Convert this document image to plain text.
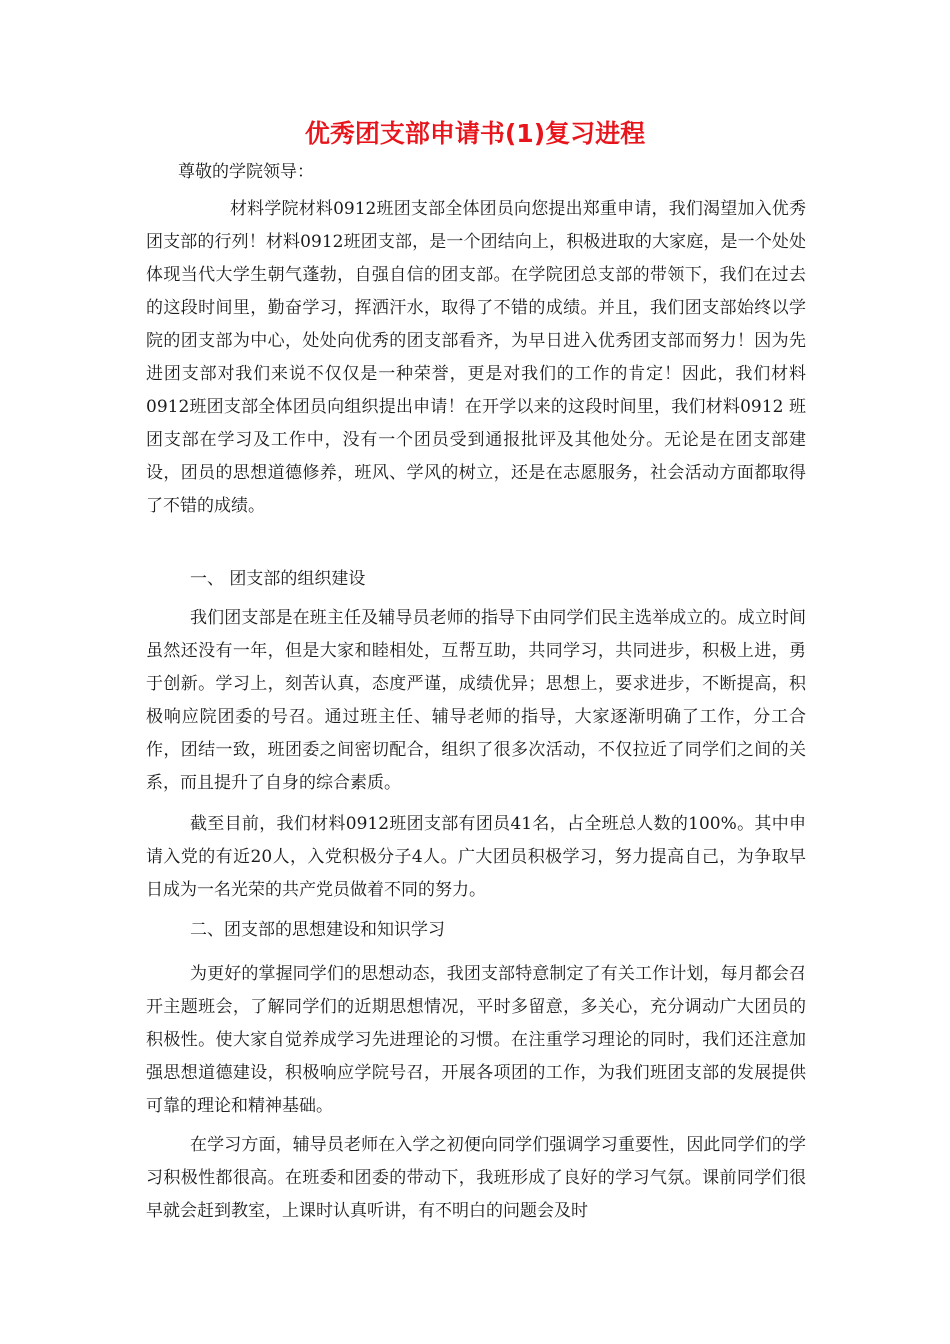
优秀团支部申请书(1)复习进程
尊敬的学院领导：
材料学院材料0912班团支部全体团员向您提出郑重申请，我们渴望加入优秀团支部的行列！材料0912班团支部，是一个团结向上，积极进取的大家庭，是一个处处体现当代大学生朝气蓬勃，自强自信的团支部。在学院团总支部的带领下，我们在过去的这段时间里，勤奋学习，挥洒汗水，取得了不错的成绩。并且，我们团支部始终以学院的团支部为中心，处处向优秀的团支部看齐，为早日进入优秀团支部而努力！因为先进团支部对我们来说不仅仅是一种荣誉，更是对我们的工作的肯定！因此，我们材料0912班团支部全体团员向组织提出申请！在开学以来的这段时间里，我们材料0912 班团支部在学习及工作中，没有一个团员受到通报批评及其他处分。无论是在团支部建设，团员的思想道德修养，班风、学风的树立，还是在志愿服务，社会活动方面都取得了不错的成绩。
一、 团支部的组织建设
我们团支部是在班主任及辅导员老师的指导下由同学们民主选举成立的。成立时间虽然还没有一年，但是大家和睦相处，互帮互助，共同学习，共同进步，积极上进，勇于创新。学习上，刻苦认真，态度严谨，成绩优异；思想上，要求进步，不断提高，积极响应院团委的号召。通过班主任、辅导老师的指导，大家逐渐明确了工作，分工合作，团结一致，班团委之间密切配合，组织了很多次活动，不仅拉近了同学们之间的关系，而且提升了自身的综合素质。
截至目前，我们材料0912班团支部有团员41名，占全班总人数的100%。其中申请入党的有近20人，入党积极分子4人。广大团员积极学习，努力提高自己，为争取早日成为一名光荣的共产党员做着不同的努力。
二、团支部的思想建设和知识学习
为更好的掌握同学们的思想动态，我团支部特意制定了有关工作计划，每月都会召开主题班会，了解同学们的近期思想情况，平时多留意，多关心，充分调动广大团员的积极性。使大家自觉养成学习先进理论的习惯。在注重学习理论的同时，我们还注意加强思想道德建设，积极响应学院号召，开展各项团的工作，为我们班团支部的发展提供可靠的理论和精神基础。
在学习方面，辅导员老师在入学之初便向同学们强调学习重要性，因此同学们的学习积极性都很高。在班委和团委的带动下，我班形成了良好的学习气氛。课前同学们很早就会赶到教室，上课时认真听讲，有不明白的问题会及时
